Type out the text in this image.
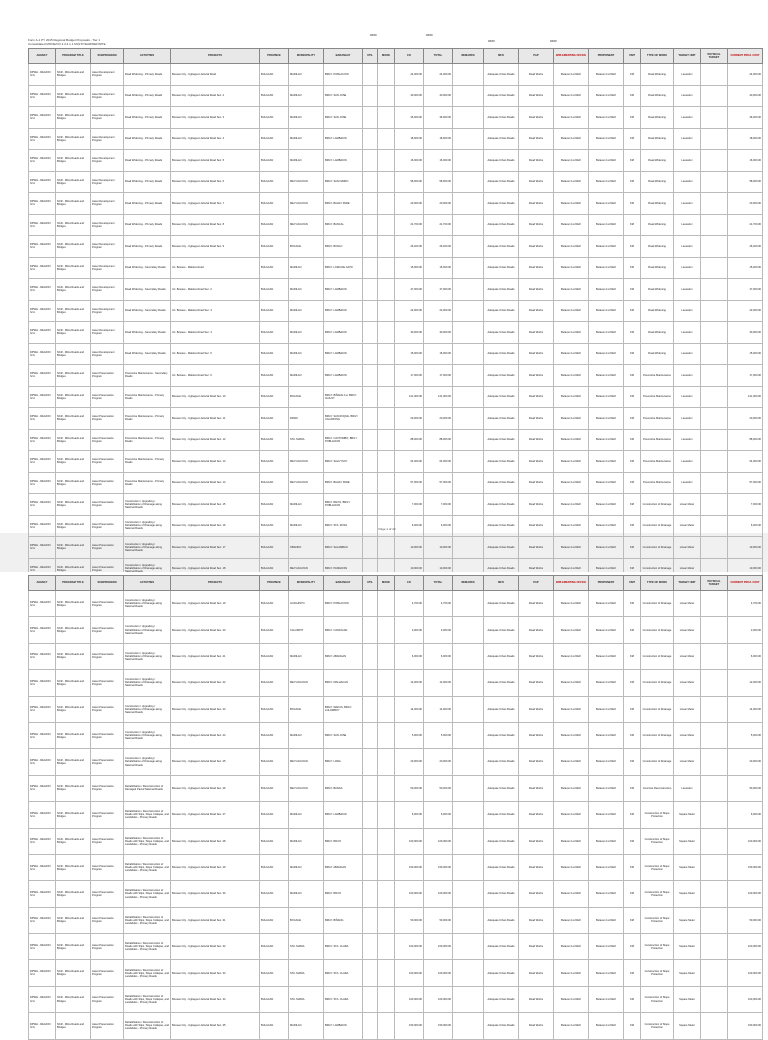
####	####
####	####
Form A-1 PY 2015 Regional Budget Proposals - Tier 1
Consolidated MOOE/CO 2.3.4.1.1 MULTIYEAR/DEFINITE
AGENCY	PROGRAM TITLE	SUBPROGRAM	ACTIVITIES	PROJECTS	PROVINCE	MUNICIPALITY	BARANGAY	UTIL	MOOE	CO	TOTAL	REMARKS	MFO	PAP	IMPLEMENTING OFFICE	PROPONENT	UNIT	TYPE OF WORK	TARGET UNIT	PHYSICAL TARGET	CURRENT PROJ. COST
DPWH - REGION IV-A	NCR - Mitra Roads and Bridges	Asset Development Program	Road Widening - Primary Roads	Bocaue City - Ugbaguon Arterial Road	BULACAN	MARILAO	BRGY. POBLACION			24,000.00	24,000.00		Adequate Urban Roads	Road Works	Bulacan 1st DEO	Bulacan 1st DEO	KM	Road Widening	Lanes/km		24,000.00
DPWH - REGION IV-A	NCR - Mitra Roads and Bridges	Asset Development Program	Road Widening - Primary Roads	Bocaue City - Ugbaguon Arterial Road Sec. 2	BULACAN	MARILAO	BRGY. SAN JOSE			40,000.00	40,000.00		Adequate Urban Roads	Road Works	Bulacan 1st DEO	Bulacan 1st DEO	KM	Road Widening	Lanes/km		40,000.00
DPWH - REGION IV-A	NCR - Mitra Roads and Bridges	Asset Development Program	Road Widening - Primary Roads	Bocaue City - Ugbaguon Arterial Road Sec. 3	BULACAN	MARILAO	BRGY. SAN JOSE			36,000.00	36,000.00		Adequate Urban Roads	Road Works	Bulacan 1st DEO	Bulacan 1st DEO	KM	Road Widening	Lanes/km		36,000.00
DPWH - REGION IV-A	NCR - Mitra Roads and Bridges	Asset Development Program	Road Widening - Primary Roads	Bocaue City - Ugbaguon Arterial Road Sec. 4	BULACAN	MARILAO	BRGY. LAMBAKIN			18,000.00	18,000.00		Adequate Urban Roads	Road Works	Bulacan 1st DEO	Bulacan 1st DEO	KM	Road Widening	Lanes/km		18,000.00
DPWH - REGION IV-A	NCR - Mitra Roads and Bridges	Asset Development Program	Road Widening - Primary Roads	Bocaue City - Ugbaguon Arterial Road Sec. 5	BULACAN	MARILAO	BRGY. LAMBAKIN			16,000.00	16,000.00		Adequate Urban Roads	Road Works	Bulacan 1st DEO	Bulacan 1st DEO	KM	Road Widening	Lanes/km		16,000.00
DPWH - REGION IV-A	NCR - Mitra Roads and Bridges	Asset Development Program	Road Widening - Primary Roads	Bocaue City - Ugbaguon Arterial Road Sec. 6	BULACAN	MEYCAUAYAN	BRGY. SAN ISIDRO			58,000.00	58,000.00		Adequate Urban Roads	Road Works	Bulacan 1st DEO	Bulacan 1st DEO	KM	Road Widening	Lanes/km		58,000.00
DPWH - REGION IV-A	NCR - Mitra Roads and Bridges	Asset Development Program	Road Widening - Primary Roads	Bocaue City - Ugbaguon Arterial Road Sec. 7	BULACAN	MEYCAUAYAN	BRGY. BAHAY PARE			20,000.00	20,000.00		Adequate Urban Roads	Road Works	Bulacan 1st DEO	Bulacan 1st DEO	KM	Road Widening	Lanes/km		20,000.00
DPWH - REGION IV-A	NCR - Mitra Roads and Bridges	Asset Development Program	Road Widening - Primary Roads	Bocaue City - Ugbaguon Arterial Road Sec. 8	BULACAN	MEYCAUAYAN	BRGY. BANCAL			21,700.00	21,700.00		Adequate Urban Roads	Road Works	Bulacan 1st DEO	Bulacan 1st DEO	KM	Road Widening	Lanes/km		21,700.00
DPWH - REGION IV-A	NCR - Mitra Roads and Bridges	Asset Development Program	Road Widening - Primary Roads	Bocaue City - Ugbaguon Arterial Road Sec. 9	BULACAN	BOCAUE	BRGY. BUNLO			26,400.00	26,400.00		Adequate Urban Roads	Road Works	Bulacan 1st DEO	Bulacan 1st DEO	KM	Road Widening	Lanes/km		26,400.00
DPWH - REGION IV-A	NCR - Mitra Roads and Bridges	Asset Development Program	Road Widening - Secondary Roads	Jct. Bocaue - Malolos Road	BULACAN	MARILAO	BRGY. LOMA DE GATO			15,000.00	15,000.00		Adequate Urban Roads	Road Works	Bulacan 1st DEO	Bulacan 1st DEO	KM	Road Widening	Lanes/km		15,000.00
DPWH - REGION IV-A	NCR - Mitra Roads and Bridges	Asset Development Program	Road Widening - Secondary Roads	Jct. Bocaue - Malolos Road Sec. 2	BULACAN	MARILAO	BRGY. LAMBAKIN			47,000.00	47,000.00		Adequate Urban Roads	Road Works	Bulacan 1st DEO	Bulacan 1st DEO	KM	Road Widening	Lanes/km		47,000.00
DPWH - REGION IV-A	NCR - Mitra Roads and Bridges	Asset Development Program	Road Widening - Secondary Roads	Jct. Bocaue - Malolos Road Sec. 3	BULACAN	MARILAO	BRGY. LAMBAKIN			22,000.00	22,000.00		Adequate Urban Roads	Road Works	Bulacan 1st DEO	Bulacan 1st DEO	KM	Road Widening	Lanes/km		22,000.00
DPWH - REGION IV-A	NCR - Mitra Roads and Bridges	Asset Development Program	Road Widening - Secondary Roads	Jct. Bocaue - Malolos Road Sec. 4	BULACAN	MARILAO	BRGY. LAMBAKIN			30,000.00	30,000.00		Adequate Urban Roads	Road Works	Bulacan 1st DEO	Bulacan 1st DEO	KM	Road Widening	Lanes/km		30,000.00
DPWH - REGION IV-A	NCR - Mitra Roads and Bridges	Asset Development Program	Road Widening - Secondary Roads	Jct. Bocaue - Malolos Road Sec. 5	BULACAN	MARILAO	BRGY. LAMBAKIN			15,000.00	15,000.00		Adequate Urban Roads	Road Works	Bulacan 1st DEO	Bulacan 1st DEO	KM	Road Widening	Lanes/km		15,000.00
DPWH - REGION IV-A	NCR - Mitra Roads and Bridges	Asset Preservation Program	Preventive Maintenance - Secondary Roads	Jct. Bocaue - Malolos Road Sec. 6	BULACAN	MARILAO	BRGY. LAMBAKIN			17,000.00	17,000.00		Adequate Urban Roads	Road Works	Bulacan 1st DEO	Bulacan 1st DEO	KM	Preventive Maintenance	Lanes/km		17,000.00
DPWH - REGION IV-A	NCR - Mitra Roads and Bridges	Asset Preservation Program	Preventive Maintenance - Primary Roads	Bocaue City - Ugbaguon Arterial Road Sec. 10	BULACAN	BOCAUE	BRGY. BIÑANG 1st, BRGY. IGULOT			121,000.00	121,000.00		Adequate Urban Roads	Road Works	Bulacan 1st DEO	Bulacan 1st DEO	KM	Preventive Maintenance	Lanes/km		121,000.00
DPWH - REGION IV-A	NCR - Mitra Roads and Bridges	Asset Preservation Program	Preventive Maintenance - Primary Roads	Bocaue City - Ugbaguon Arterial Road Sec. 11	BULACAN	PANDI	BRGY. SAN ROQUE, BRGY. CACARONG			20,000.00	20,000.00		Adequate Urban Roads	Road Works	Bulacan 1st DEO	Bulacan 1st DEO	KM	Preventive Maintenance	Lanes/km		20,000.00
DPWH - REGION IV-A	NCR - Mitra Roads and Bridges	Asset Preservation Program	Preventive Maintenance - Primary Roads	Bocaue City - Ugbaguon Arterial Road Sec. 12	BULACAN	STA. MARIA	BRGY. CAYPOMBO, BRGY. POBLACION			88,000.00	88,000.00		Adequate Urban Roads	Road Works	Bulacan 1st DEO	Bulacan 1st DEO	KM	Preventive Maintenance	Lanes/km		88,000.00
DPWH - REGION IV-A	NCR - Mitra Roads and Bridges	Asset Preservation Program	Preventive Maintenance - Primary Roads	Bocaue City - Ugbaguon Arterial Road Sec. 13	BULACAN	MEYCAUAYAN	BRGY. SALUYSOY			64,000.00	64,000.00		Adequate Urban Roads	Road Works	Bulacan 1st DEO	Bulacan 1st DEO	KM	Preventive Maintenance	Lanes/km		64,000.00
DPWH - REGION IV-A	NCR - Mitra Roads and Bridges	Asset Preservation Program	Preventive Maintenance - Primary Roads	Bocaue City - Ugbaguon Arterial Road Sec. 14	BULACAN	MEYCAUAYAN	BRGY. BAHAY PARE			57,000.00	57,000.00		Adequate Urban Roads	Road Works	Bulacan 1st DEO	Bulacan 1st DEO	KM	Preventive Maintenance	Lanes/km		57,000.00
DPWH - REGION IV-A	NCR - Mitra Roads and Bridges	Asset Preservation Program	Construction / Upgrading / Rehabilitation of Drainage along National Roads	Bocaue City - Ugbaguon Arterial Road Sec. 15	BULACAN	MARILAO	BRGY. IBAYO, BRGY. POBLACION			7,000.00	7,000.00		Adequate Urban Roads	Road Works	Bulacan 1st DEO	Bulacan 1st DEO	KM	Construction of Drainage	Linear Meter		7,000.00
DPWH - REGION IV-A	NCR - Mitra Roads and Bridges	Asset Preservation Program	Construction / Upgrading / Rehabilitation of Drainage along National Roads	Bocaue City - Ugbaguon Arterial Road Sec. 16	BULACAN	MARILAO	BRGY. STA. ROSA			6,000.00	6,000.00		Adequate Urban Roads	Road Works	Bulacan 1st DEO	Bulacan 1st DEO	KM	Construction of Drainage	Linear Meter		6,000.00
DPWH - REGION IV-A	NCR - Mitra Roads and Bridges	Asset Preservation Program	Construction / Upgrading / Rehabilitation of Drainage along National Roads	Bocaue City - Ugbaguon Arterial Road Sec. 17	BULACAN	OBANDO	BRGY. SALAMBAO			10,000.00	10,000.00		Adequate Urban Roads	Road Works	Bulacan 1st DEO	Bulacan 1st DEO	KM	Construction of Drainage	Linear Meter		10,000.00
DPWH - REGION IV-A	NCR - Mitra Roads and Bridges	Asset Preservation Program	Construction / Upgrading / Rehabilitation of Drainage along	Bocaue City - Ugbaguon Arterial Road Sec. 18	BULACAN	MEYCAUAYAN	BRGY. PANDAYAN			10,000.00	10,000.00		Adequate Urban Roads	Road Works	Bulacan 1st DEO	Bulacan 1st DEO	KM	Construction of Drainage	Linear Meter		10,000.00
Page 1 of 42
AGENCY	PROGRAM TITLE	SUBPROGRAM	ACTIVITIES	PROJECTS	PROVINCE	MUNICIPALITY	BARANGAY	UTIL	MOOE	CO	TOTAL	REMARKS	MFO	PAP	IMPLEMENTING OFFICE	PROPONENT	UNIT	TYPE OF WORK	TARGET UNIT	PHYSICAL TARGET	CURRENT PROJ. COST
DPWH - REGION IV-A	NCR - Mitra Roads and Bridges	Asset Preservation Program	Construction / Upgrading / Rehabilitation of Drainage along National Roads	Bocaue City - Ugbaguon Arterial Road Sec. 19	BULACAN	GUIGUINTO	BRGY. POBLACION			4,700.00	4,700.00		Adequate Urban Roads	Road Works	Bulacan 1st DEO	Bulacan 1st DEO	KM	Construction of Drainage	Linear Meter		4,700.00
DPWH - REGION IV-A	NCR - Mitra Roads and Bridges	Asset Preservation Program	Construction / Upgrading / Rehabilitation of Drainage along National Roads	Bocaue City - Ugbaguon Arterial Road Sec. 20	BULACAN	CALUMPIT	BRGY. CANIOGAN			3,000.00	3,000.00		Adequate Urban Roads	Road Works	Bulacan 1st DEO	Bulacan 1st DEO	KM	Construction of Drainage	Linear Meter		3,000.00
DPWH - REGION IV-A	NCR - Mitra Roads and Bridges	Asset Preservation Program	Construction / Upgrading / Rehabilitation of Drainage along National Roads	Bocaue City - Ugbaguon Arterial Road Sec. 21	BULACAN	MARILAO	BRGY. ABANGAN			6,000.00	6,000.00		Adequate Urban Roads	Road Works	Bulacan 1st DEO	Bulacan 1st DEO	KM	Construction of Drainage	Linear Meter		6,000.00
DPWH - REGION IV-A	NCR - Mitra Roads and Bridges	Asset Preservation Program	Construction / Upgrading / Rehabilitation of Drainage along National Roads	Bocaue City - Ugbaguon Arterial Road Sec. 22	BULACAN	MEYCAUAYAN	BRGY. MALHACAN			12,000.00	12,000.00		Adequate Urban Roads	Road Works	Bulacan 1st DEO	Bulacan 1st DEO	KM	Construction of Drainage	Linear Meter		12,000.00
DPWH - REGION IV-A	NCR - Mitra Roads and Bridges	Asset Preservation Program	Construction / Upgrading / Rehabilitation of Drainage along National Roads	Bocaue City - Ugbaguon Arterial Road Sec. 23	BULACAN	BOCAUE	BRGY. WAKAS, BRGY. LOLOMBOY			14,000.00	14,000.00		Adequate Urban Roads	Road Works	Bulacan 1st DEO	Bulacan 1st DEO	KM	Construction of Drainage	Linear Meter		14,000.00
DPWH - REGION IV-A	NCR - Mitra Roads and Bridges	Asset Preservation Program	Construction / Upgrading / Rehabilitation of Drainage along National Roads	Bocaue City - Ugbaguon Arterial Road Sec. 24	BULACAN	MARILAO	BRGY. SAN JOSE			5,000.00	5,000.00		Adequate Urban Roads	Road Works	Bulacan 1st DEO	Bulacan 1st DEO	KM	Construction of Drainage	Linear Meter		5,000.00
DPWH - REGION IV-A	NCR - Mitra Roads and Bridges	Asset Preservation Program	Construction / Upgrading / Rehabilitation of Drainage along National Roads	Bocaue City - Ugbaguon Arterial Road Sec. 25	BULACAN	MEYCAUAYAN	BRGY. LAWA			20,000.00	20,000.00		Adequate Urban Roads	Road Works	Bulacan 1st DEO	Bulacan 1st DEO	KM	Construction of Drainage	Linear Meter		20,000.00
DPWH - REGION IV-A	NCR - Mitra Roads and Bridges	Asset Preservation Program	Rehabilitation / Reconstruction of Damaged Paved National Roads	Bocaue City - Ugbaguon Arterial Road Sec. 26	BULACAN	MEYCAUAYAN	BRGY. BANGA			50,000.00	50,000.00		Adequate Urban Roads	Road Works	Bulacan 1st DEO	Bulacan 1st DEO	KM	Concrete Reconstruction	Lanes/km		50,000.00
DPWH - REGION IV-A	NCR - Mitra Roads and Bridges	Asset Preservation Program	Rehabilitation / Reconstruction of Roads with Slips, Slope Collapse, and Landslides - Primary Roads	Bocaue City - Ugbaguon Arterial Road Sec. 27	BULACAN	MARILAO	BRGY. LAMBAKIN			6,000.00	6,000.00		Adequate Urban Roads	Road Works	Bulacan 1st DEO	Bulacan 1st DEO	KM	Construction of Slope Protection	Square Meter		6,000.00
DPWH - REGION IV-A	NCR - Mitra Roads and Bridges	Asset Preservation Program	Rehabilitation / Reconstruction of Roads with Slips, Slope Collapse, and Landslides - Primary Roads	Bocaue City - Ugbaguon Arterial Road Sec. 28	BULACAN	MARILAO	BRGY. IBAYO			100,000.00	100,000.00		Adequate Urban Roads	Road Works	Bulacan 1st DEO	Bulacan 1st DEO	KM	Construction of Slope Protection	Square Meter		100,000.00
DPWH - REGION IV-A	NCR - Mitra Roads and Bridges	Asset Preservation Program	Rehabilitation / Reconstruction of Roads with Slips, Slope Collapse, and Landslides - Primary Roads	Bocaue City - Ugbaguon Arterial Road Sec. 29	BULACAN	MARILAO	BRGY. ABANGAN			150,000.00	150,000.00		Adequate Urban Roads	Road Works	Bulacan 1st DEO	Bulacan 1st DEO	KM	Construction of Slope Protection	Square Meter		150,000.00
DPWH - REGION IV-A	NCR - Mitra Roads and Bridges	Asset Preservation Program	Rehabilitation / Reconstruction of Roads with Slips, Slope Collapse, and Landslides - Primary Roads	Bocaue City - Ugbaguon Arterial Road Sec. 30	BULACAN	MARILAO	BRGY. IBAYO			100,000.00	100,000.00		Adequate Urban Roads	Road Works	Bulacan 1st DEO	Bulacan 1st DEO	KM	Construction of Slope Protection	Square Meter		100,000.00
DPWH - REGION IV-A	NCR - Mitra Roads and Bridges	Asset Preservation Program	Rehabilitation / Reconstruction of Roads with Slips, Slope Collapse, and Landslides - Primary Roads	Bocaue City - Ugbaguon Arterial Road Sec. 31	BULACAN	BOCAUE	BRGY. BIÑANG			50,000.00	50,000.00		Adequate Urban Roads	Road Works	Bulacan 1st DEO	Bulacan 1st DEO	KM	Construction of Slope Protection	Square Meter		50,000.00
DPWH - REGION IV-A	NCR - Mitra Roads and Bridges	Asset Preservation Program	Rehabilitation / Reconstruction of Roads with Slips, Slope Collapse, and Landslides - Primary Roads	Bocaue City - Ugbaguon Arterial Road Sec. 32	BULACAN	STA. MARIA	BRGY. STA. CLARA			100,000.00	100,000.00		Adequate Urban Roads	Road Works	Bulacan 1st DEO	Bulacan 1st DEO	KM	Construction of Slope Protection	Square Meter		100,000.00
DPWH - REGION IV-A	NCR - Mitra Roads and Bridges	Asset Preservation Program	Rehabilitation / Reconstruction of Roads with Slips, Slope Collapse, and Landslides - Primary Roads	Bocaue City - Ugbaguon Arterial Road Sec. 33	BULACAN	STA. MARIA	BRGY. STA. CLARA			100,000.00	100,000.00		Adequate Urban Roads	Road Works	Bulacan 1st DEO	Bulacan 1st DEO	KM	Construction of Slope Protection	Square Meter		100,000.00
DPWH - REGION IV-A	NCR - Mitra Roads and Bridges	Asset Preservation Program	Rehabilitation / Reconstruction of Roads with Slips, Slope Collapse, and Landslides - Primary Roads	Bocaue City - Ugbaguon Arterial Road Sec. 34	BULACAN	STA. MARIA	BRGY. STA. CLARA			100,000.00	100,000.00		Adequate Urban Roads	Road Works	Bulacan 1st DEO	Bulacan 1st DEO	KM	Construction of Slope Protection	Square Meter		100,000.00
DPWH - REGION IV-A	NCR - Mitra Roads and Bridges	Asset Preservation Program	Rehabilitation / Reconstruction of Roads with Slips, Slope Collapse, and Landslides - Primary Roads	Bocaue City - Ugbaguon Arterial Road Sec. 35	BULACAN	MARILAO	BRGY. LAMBAKIN			150,000.00	150,000.00		Adequate Urban Roads	Road Works	Bulacan 1st DEO	Bulacan 1st DEO	KM	Construction of Slope Protection	Square Meter		150,000.00
